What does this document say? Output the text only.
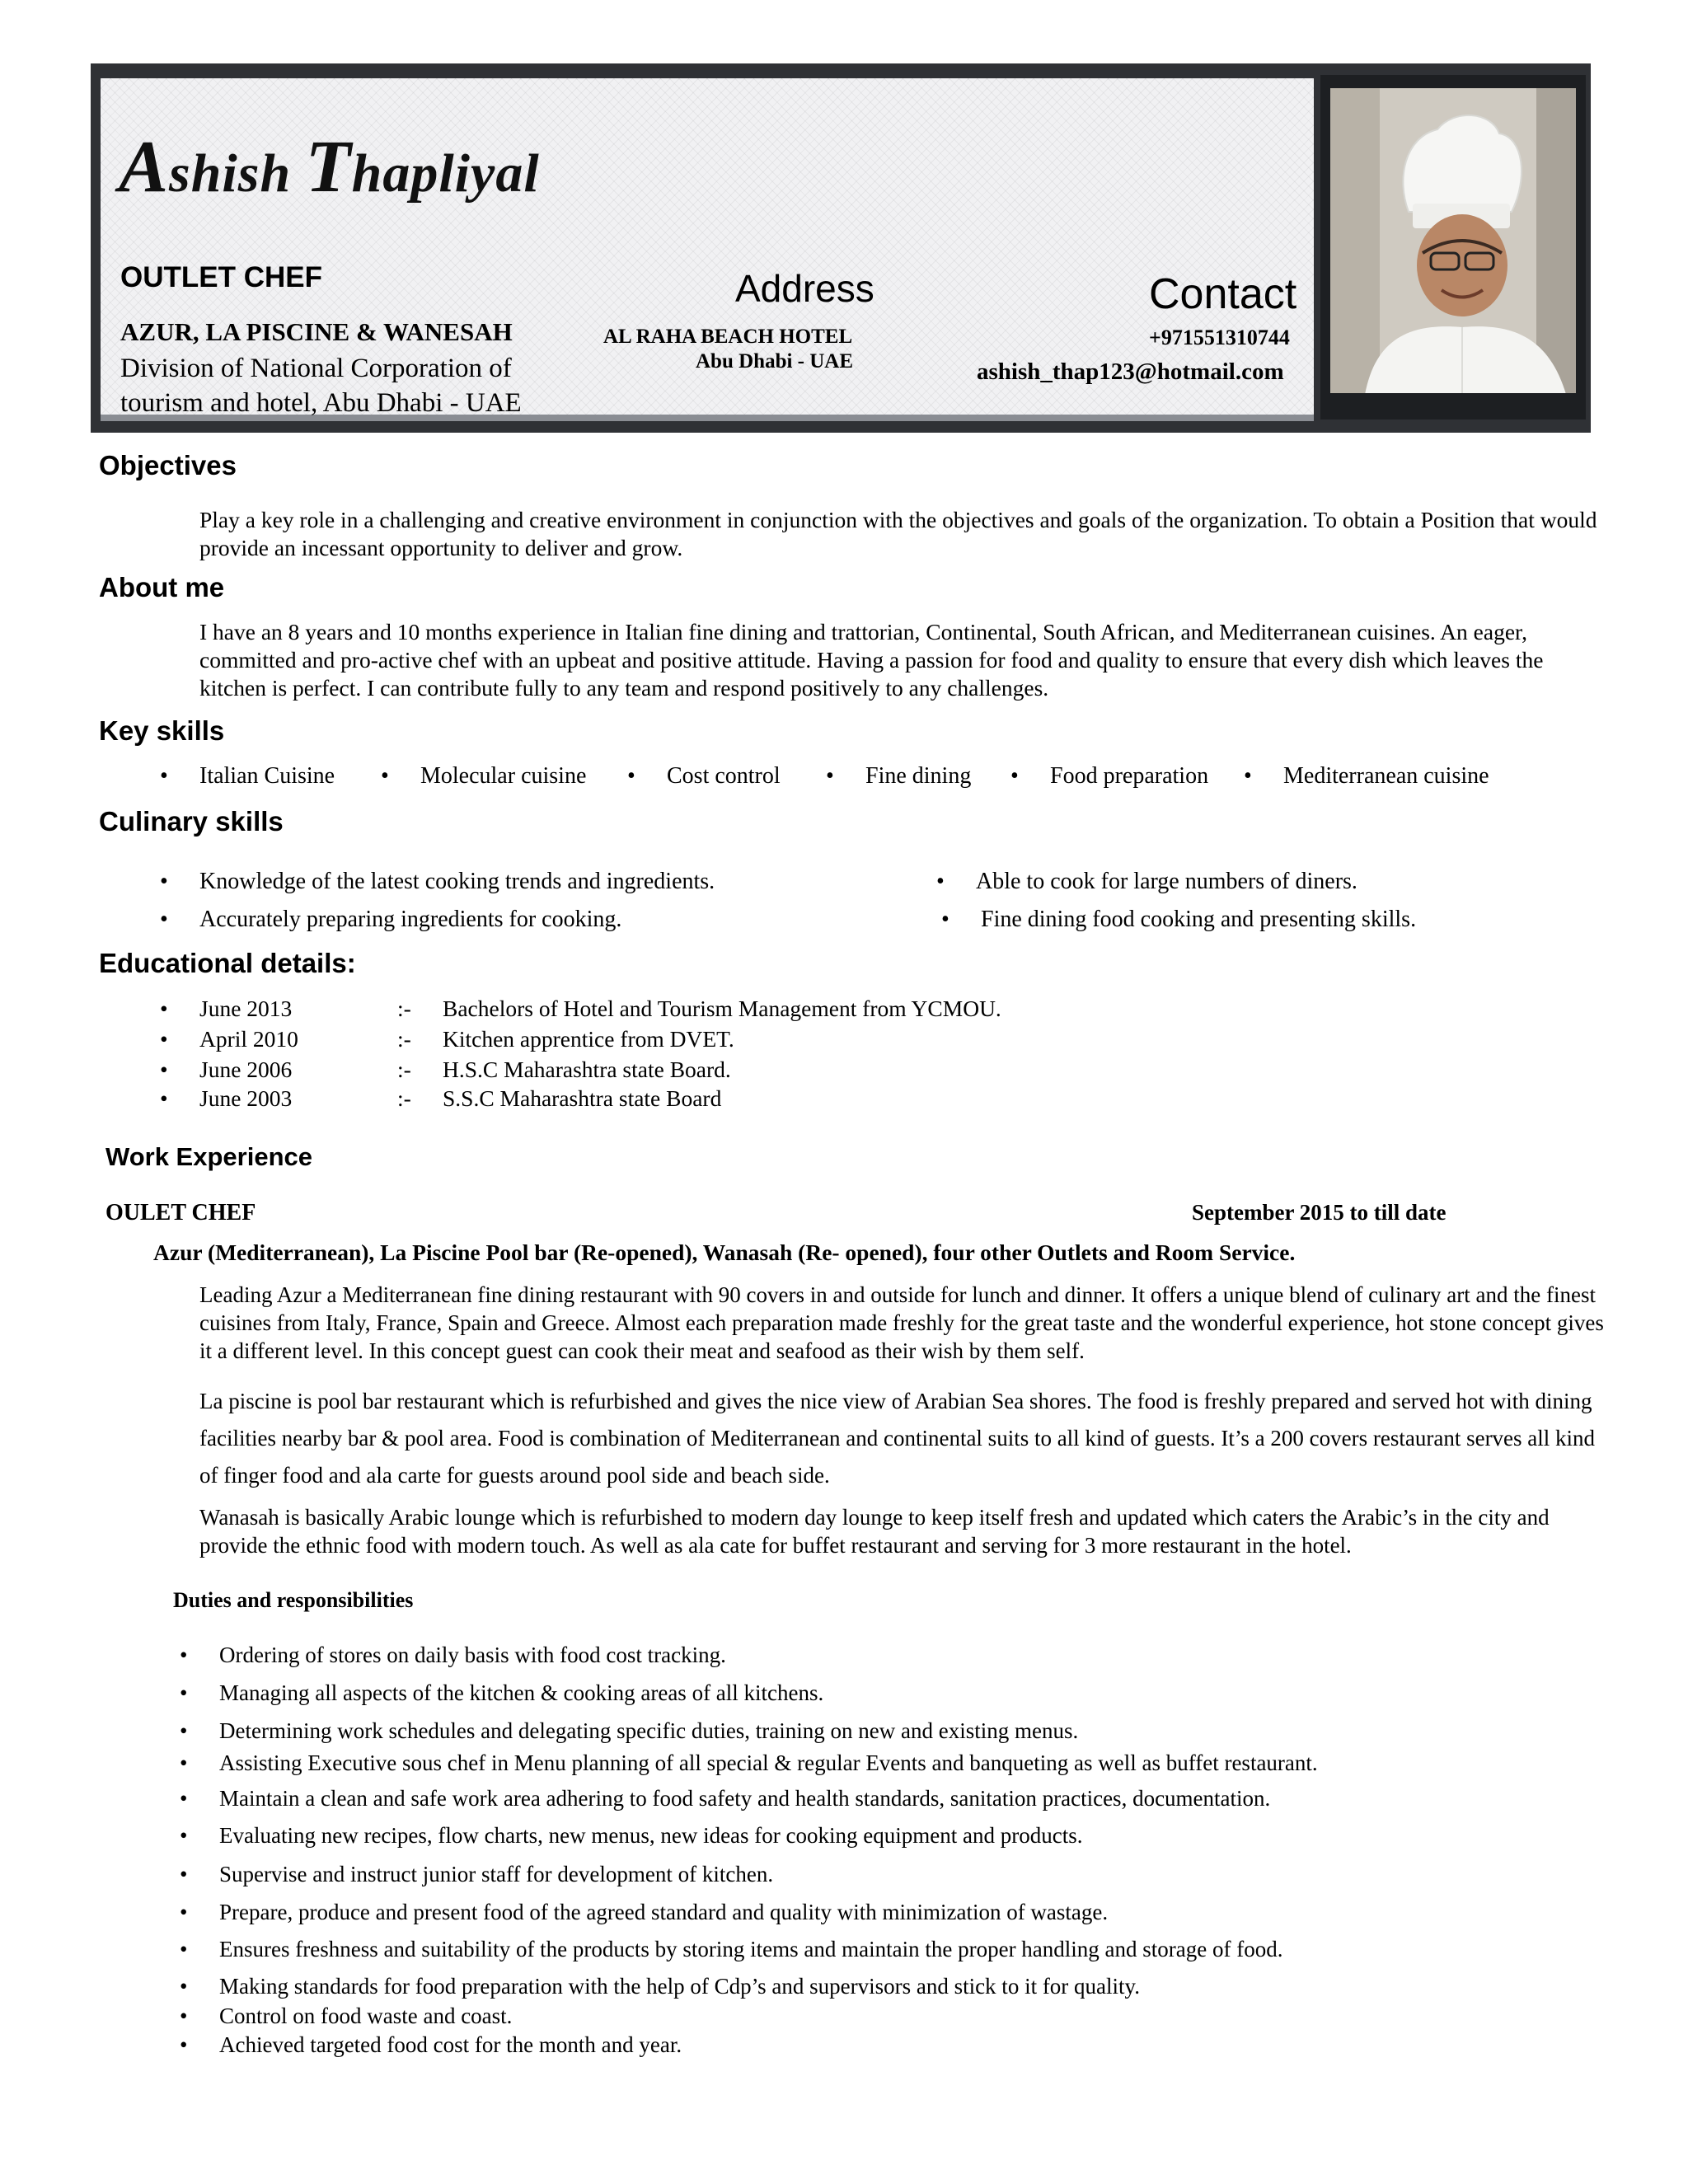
Ashish Thapliyal
OUTLET CHEF
AZUR, LA PISCINE & WANESAH
Division of National Corporation of tourism and hotel, Abu Dhabi - UAE
Address
AL RAHA BEACH HOTEL
Abu Dhabi - UAE
Contact
+971551310744
ashish_thap123@hotmail.com
Objectives
Play a key role in a challenging and creative environment in conjunction with the objectives and goals of the organization. To obtain a Position that would provide an incessant opportunity to deliver and grow.
About me
I have an 8 years and 10 months experience in Italian fine dining and trattorian, Continental, South African, and Mediterranean cuisines. An eager, committed and pro-active chef with an upbeat and positive attitude. Having a passion for food and quality to ensure that every dish which leaves the kitchen is perfect. I can contribute fully to any team and respond positively to any challenges.
Key skills
• Italian Cuisine • Molecular cuisine • Cost control • Fine dining • Food preparation • Mediterranean cuisine
Culinary skills
• Knowledge of the latest cooking trends and ingredients.	• Able to cook for large numbers of diners.
• Accurately preparing ingredients for cooking.	• Fine dining food cooking and presenting skills.
Educational details:
• June 2013	:- Bachelors of Hotel and Tourism Management from YCMOU.
• April 2010	:- Kitchen apprentice from DVET.
• June 2006	:- H.S.C Maharashtra state Board.
• June 2003	:- S.S.C Maharashtra state Board
Work Experience
OULET CHEF	September 2015 to till date
Azur (Mediterranean), La Piscine Pool bar (Re-opened), Wanasah (Re- opened), four other Outlets and Room Service.
Leading Azur a Mediterranean fine dining restaurant with 90 covers in and outside for lunch and dinner. It offers a unique blend of culinary art and the finest cuisines from Italy, France, Spain and Greece. Almost each preparation made freshly for the great taste and the wonderful experience, hot stone concept gives it a different level. In this concept guest can cook their meat and seafood as their wish by them self.
La piscine is pool bar restaurant which is refurbished and gives the nice view of Arabian Sea shores. The food is freshly prepared and served hot with dining facilities nearby bar & pool area. Food is combination of Mediterranean and continental suits to all kind of guests. It’s a 200 covers restaurant serves all kind of finger food and ala carte for guests around pool side and beach side.
Wanasah is basically Arabic lounge which is refurbished to modern day lounge to keep itself fresh and updated which caters the Arabic’s in the city and provide the ethnic food with modern touch. As well as ala cate for buffet restaurant and serving for 3 more restaurant in the hotel.
Duties and responsibilities
• Ordering of stores on daily basis with food cost tracking.
• Managing all aspects of the kitchen & cooking areas of all kitchens.
• Determining work schedules and delegating specific duties, training on new and existing menus.
• Assisting Executive sous chef in Menu planning of all special & regular Events and banqueting as well as buffet restaurant.
• Maintain a clean and safe work area adhering to food safety and health standards, sanitation practices, documentation.
• Evaluating new recipes, flow charts, new menus, new ideas for cooking equipment and products.
• Supervise and instruct junior staff for development of kitchen.
• Prepare, produce and present food of the agreed standard and quality with minimization of wastage.
• Ensures freshness and suitability of the products by storing items and maintain the proper handling and storage of food.
• Making standards for food preparation with the help of Cdp’s and supervisors and stick to it for quality.
• Control on food waste and coast.
• Achieved targeted food cost for the month and year.
